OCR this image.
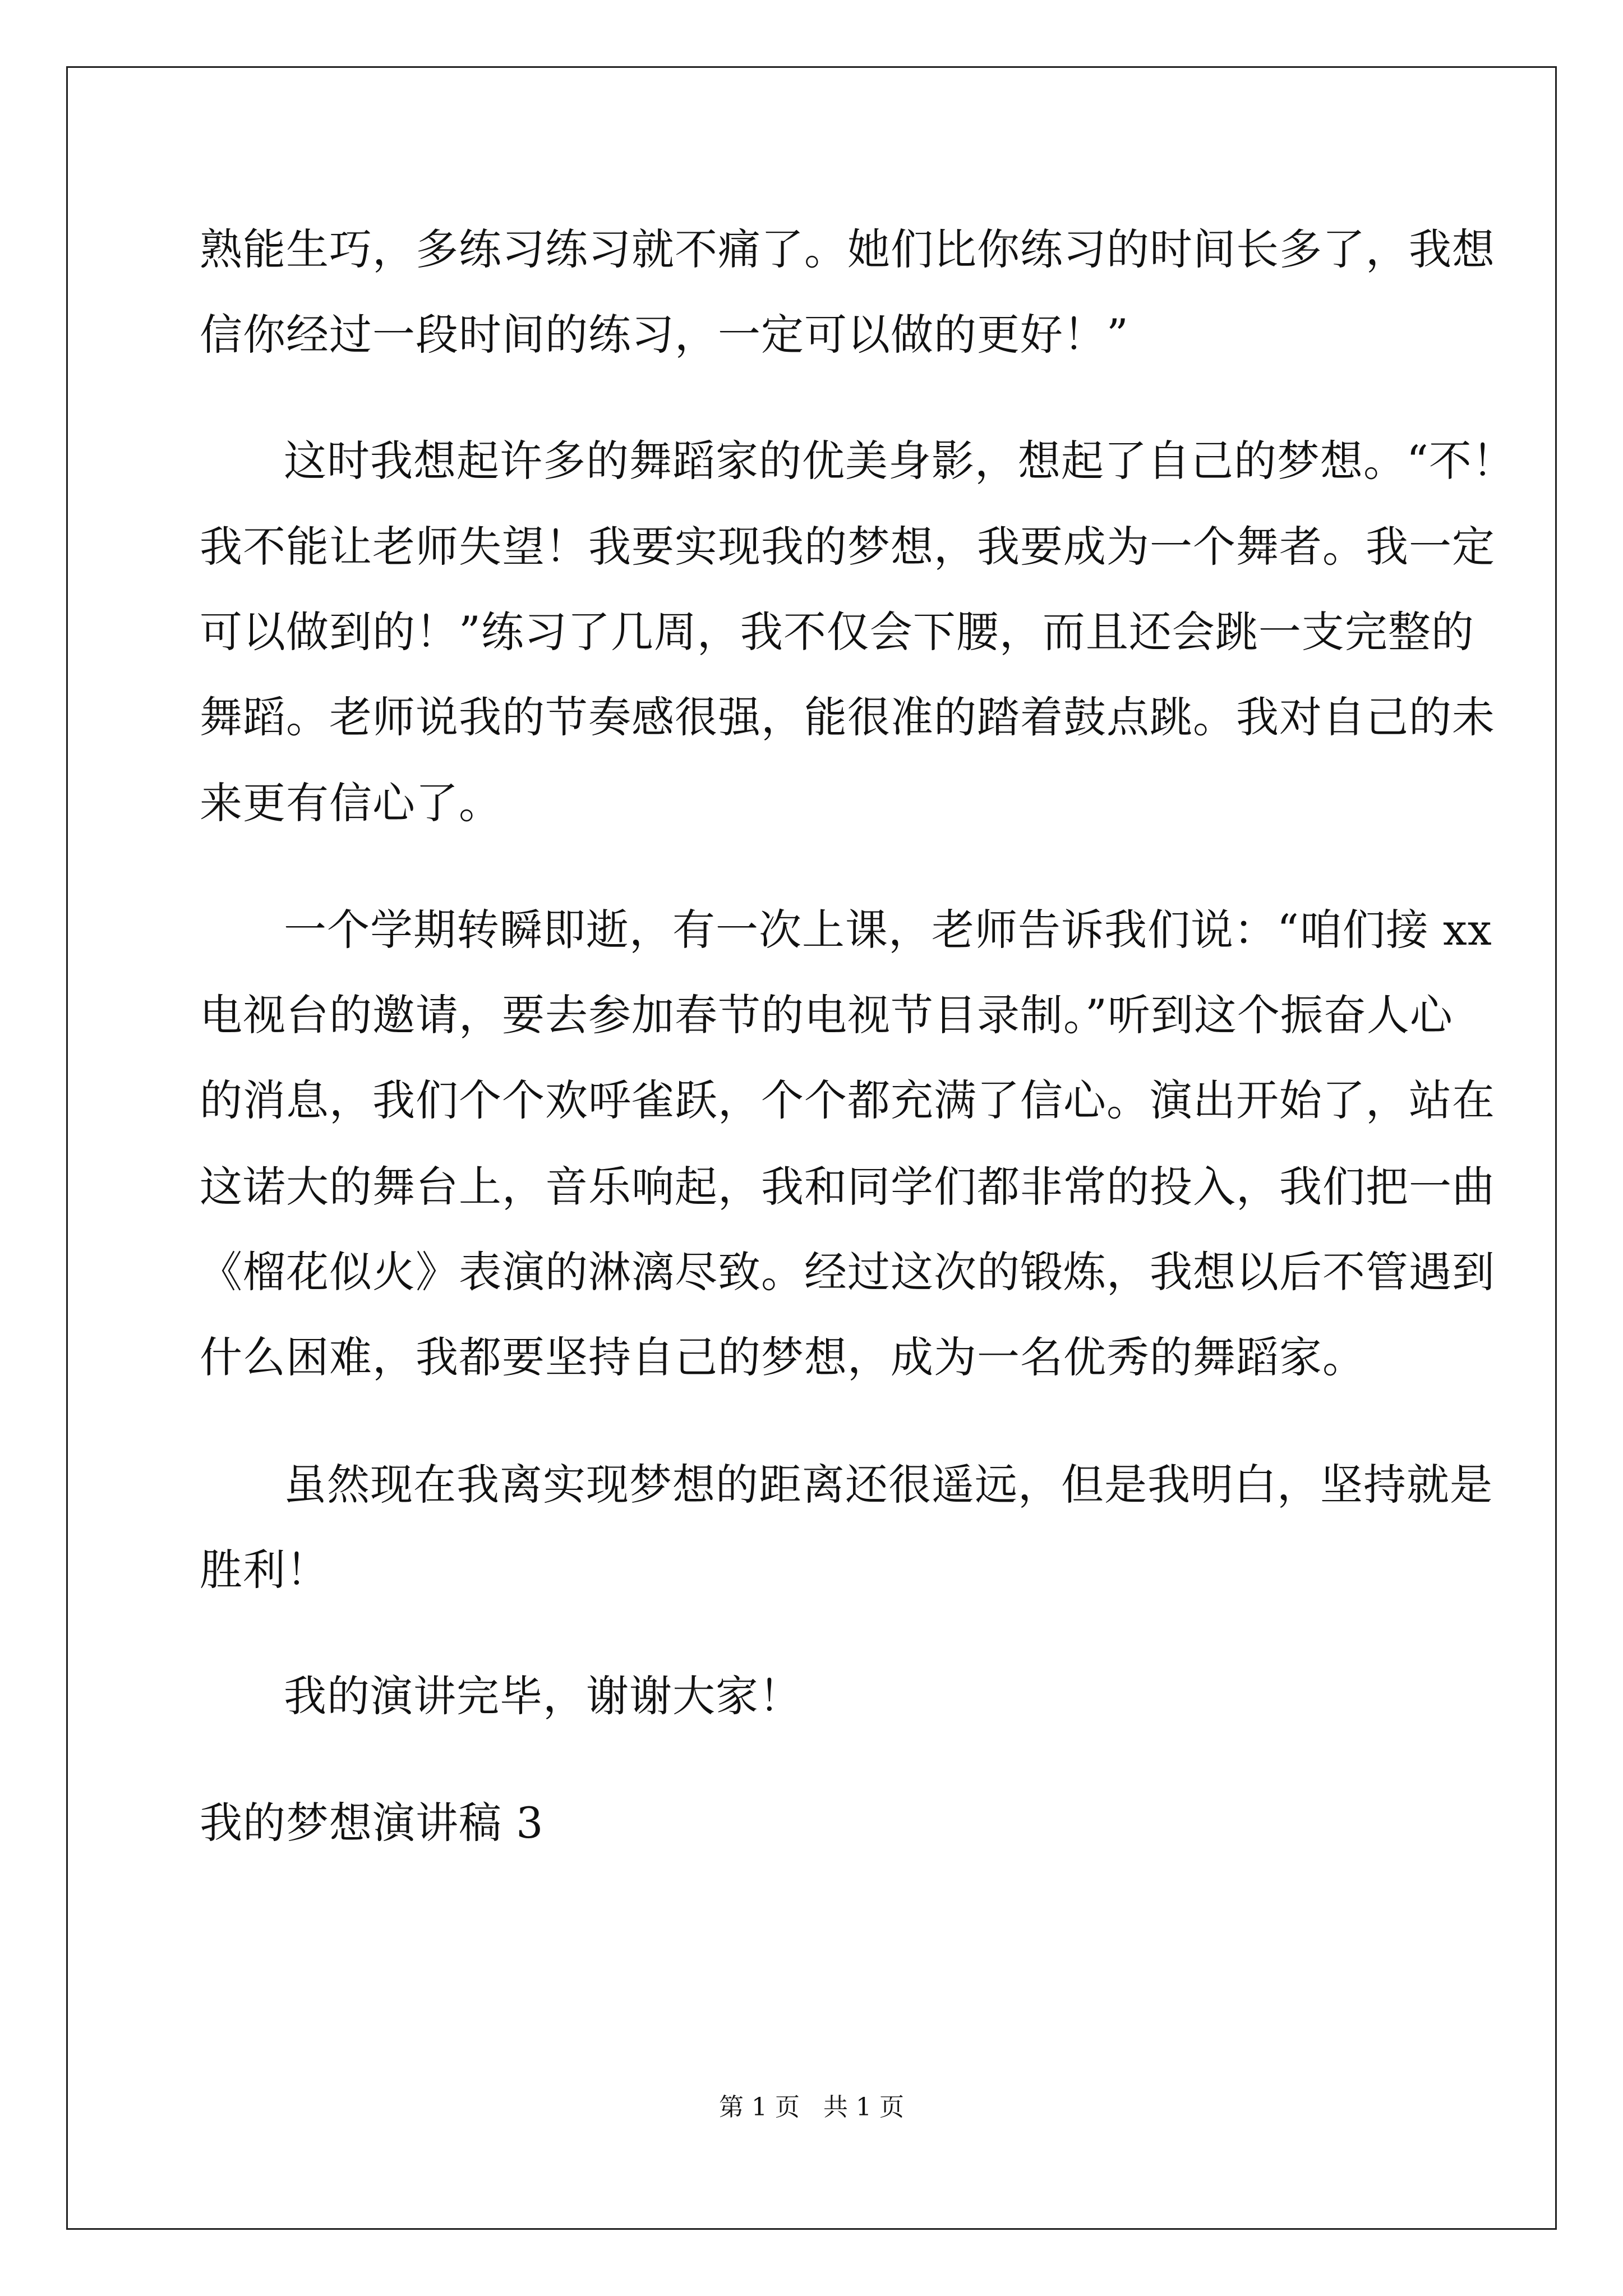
熟能生巧，多练习练习就不痛了。她们比你练习的时间长多了，我想
信你经过一段时间的练习，一定可以做的更好！”
这时我想起许多的舞蹈家的优美身影，想起了自己的梦想。“不！
我不能让老师失望！我要实现我的梦想，我要成为一个舞者。我一定
可以做到的！”练习了几周，我不仅会下腰，而且还会跳一支完整的
舞蹈。老师说我的节奏感很强，能很准的踏着鼓点跳。我对自己的未
来更有信心了。
一个学期转瞬即逝，有一次上课，老师告诉我们说：“咱们接 xx
电视台的邀请，要去参加春节的电视节目录制。”听到这个振奋人心
的消息，我们个个欢呼雀跃，个个都充满了信心。演出开始了，站在
这诺大的舞台上，音乐响起，我和同学们都非常的投入，我们把一曲
《榴花似火》表演的淋漓尽致。经过这次的锻炼，我想以后不管遇到
什么困难，我都要坚持自己的梦想，成为一名优秀的舞蹈家。
虽然现在我离实现梦想的距离还很遥远，但是我明白，坚持就是
胜利！
我的演讲完毕，谢谢大家！
我的梦想演讲稿 3
第 1 页   共 1 页
